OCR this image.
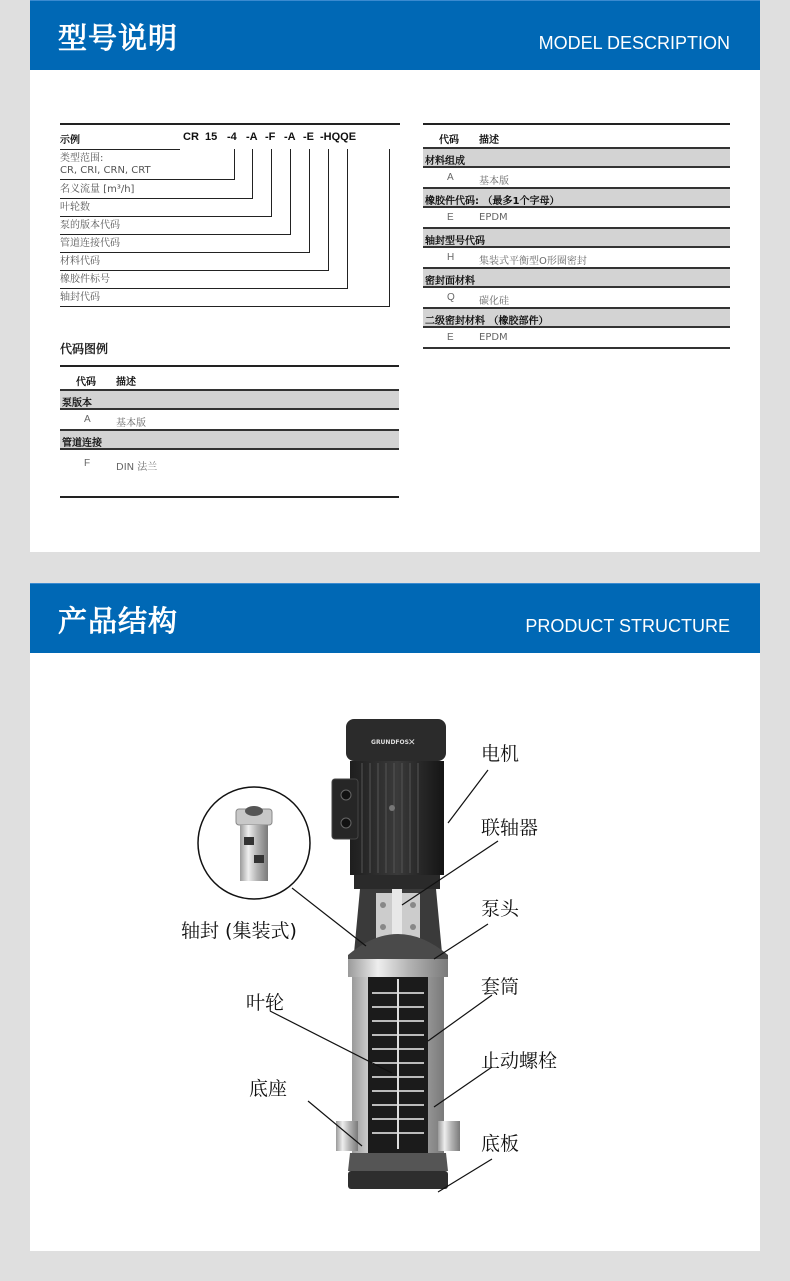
型号说明	MODEL DESCRIPTION
示例	CR 15 -4 -A -F -A -E -HQQE
类型范围:
CR, CRI, CRN, CRT
名义流量 [m³/h]
叶轮数
泵的版本代码
管道连接代码
材料代码
橡胶件标号
轴封代码
代码图例
代码 描述
泵版本
A	基本版
管道连接
F	DIN 法兰
代码 描述
材料组成
A	基本版
橡胶件代码: （最多1个字母）
E	EPDM
轴封型号代码
H 集装式平衡型O形圈密封
密封面材料
Q 碳化硅
二级密封材料 （橡胶部件）
E	EPDM
产品结构	PRODUCT STRUCTURE
GRUNDFOS ✕	电机
联轴器
泵头
套筒
止动螺栓
底板
轴封 (集装式)
叶轮
底座
